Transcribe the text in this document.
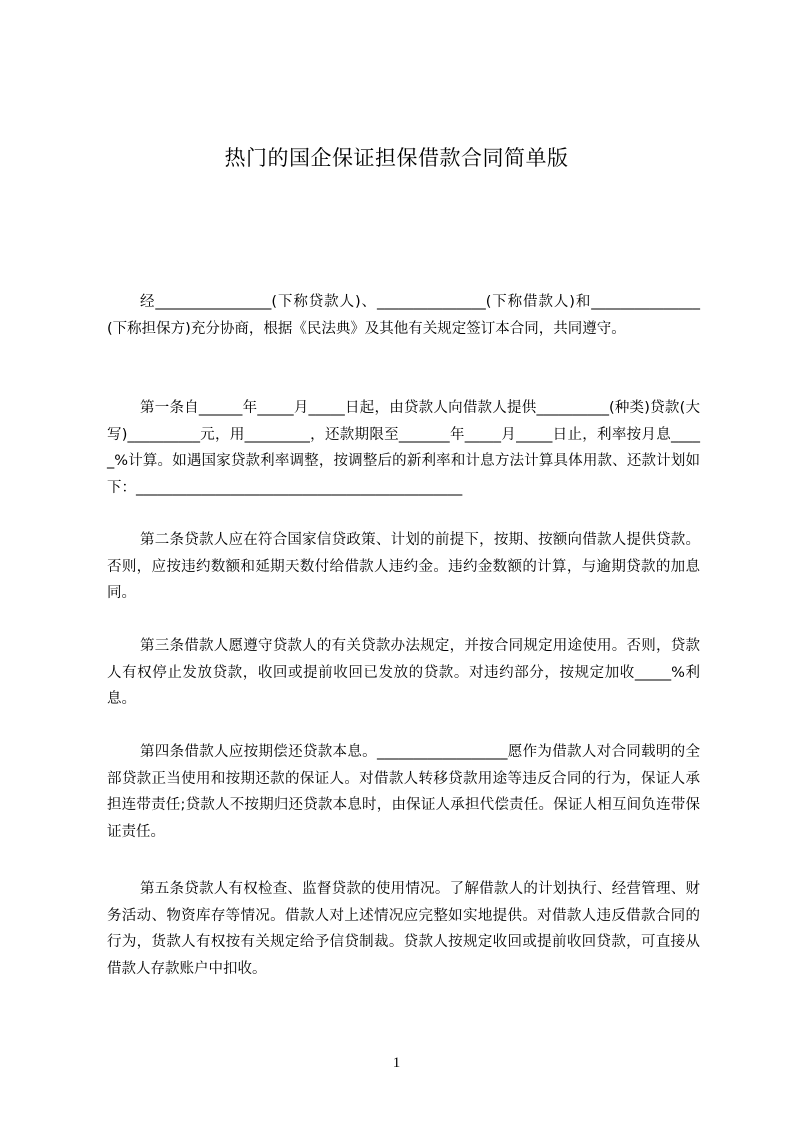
热门的国企保证担保借款合同简单版

经________________(下称贷款人)、_______________(下称借款人)和_______________(下称担保方)充分协商，根据《民法典》及其他有关规定签订本合同，共同遵守。

第一条自______年_____月_____日起，由贷款人向借款人提供__________(种类)贷款(大写)__________元，用_________，还款期限至_______年_____月_____日止，利率按月息_____%计算。如遇国家贷款利率调整，按调整后的新利率和计息方法计算具体用款、还款计划如下：_____________________________________________

第二条贷款人应在符合国家信贷政策、计划的前提下，按期、按额向借款人提供贷款。否则，应按违约数额和延期天数付给借款人违约金。违约金数额的计算，与逾期贷款的加息同。

第三条借款人愿遵守贷款人的有关贷款办法规定，并按合同规定用途使用。否则，贷款人有权停止发放贷款，收回或提前收回已发放的贷款。对违约部分，按规定加收_____%利息。

第四条借款人应按期偿还贷款本息。__________________愿作为借款人对合同载明的全部贷款正当使用和按期还款的保证人。对借款人转移贷款用途等违反合同的行为，保证人承担连带责任;贷款人不按期归还贷款本息时，由保证人承担代偿责任。保证人相互间负连带保证责任。

第五条贷款人有权检查、监督贷款的使用情况。了解借款人的计划执行、经营管理、财务活动、物资库存等情况。借款人对上述情况应完整如实地提供。对借款人违反借款合同的行为，货款人有权按有关规定给予信贷制裁。贷款人按规定收回或提前收回贷款，可直接从借款人存款账户中扣收。

1
